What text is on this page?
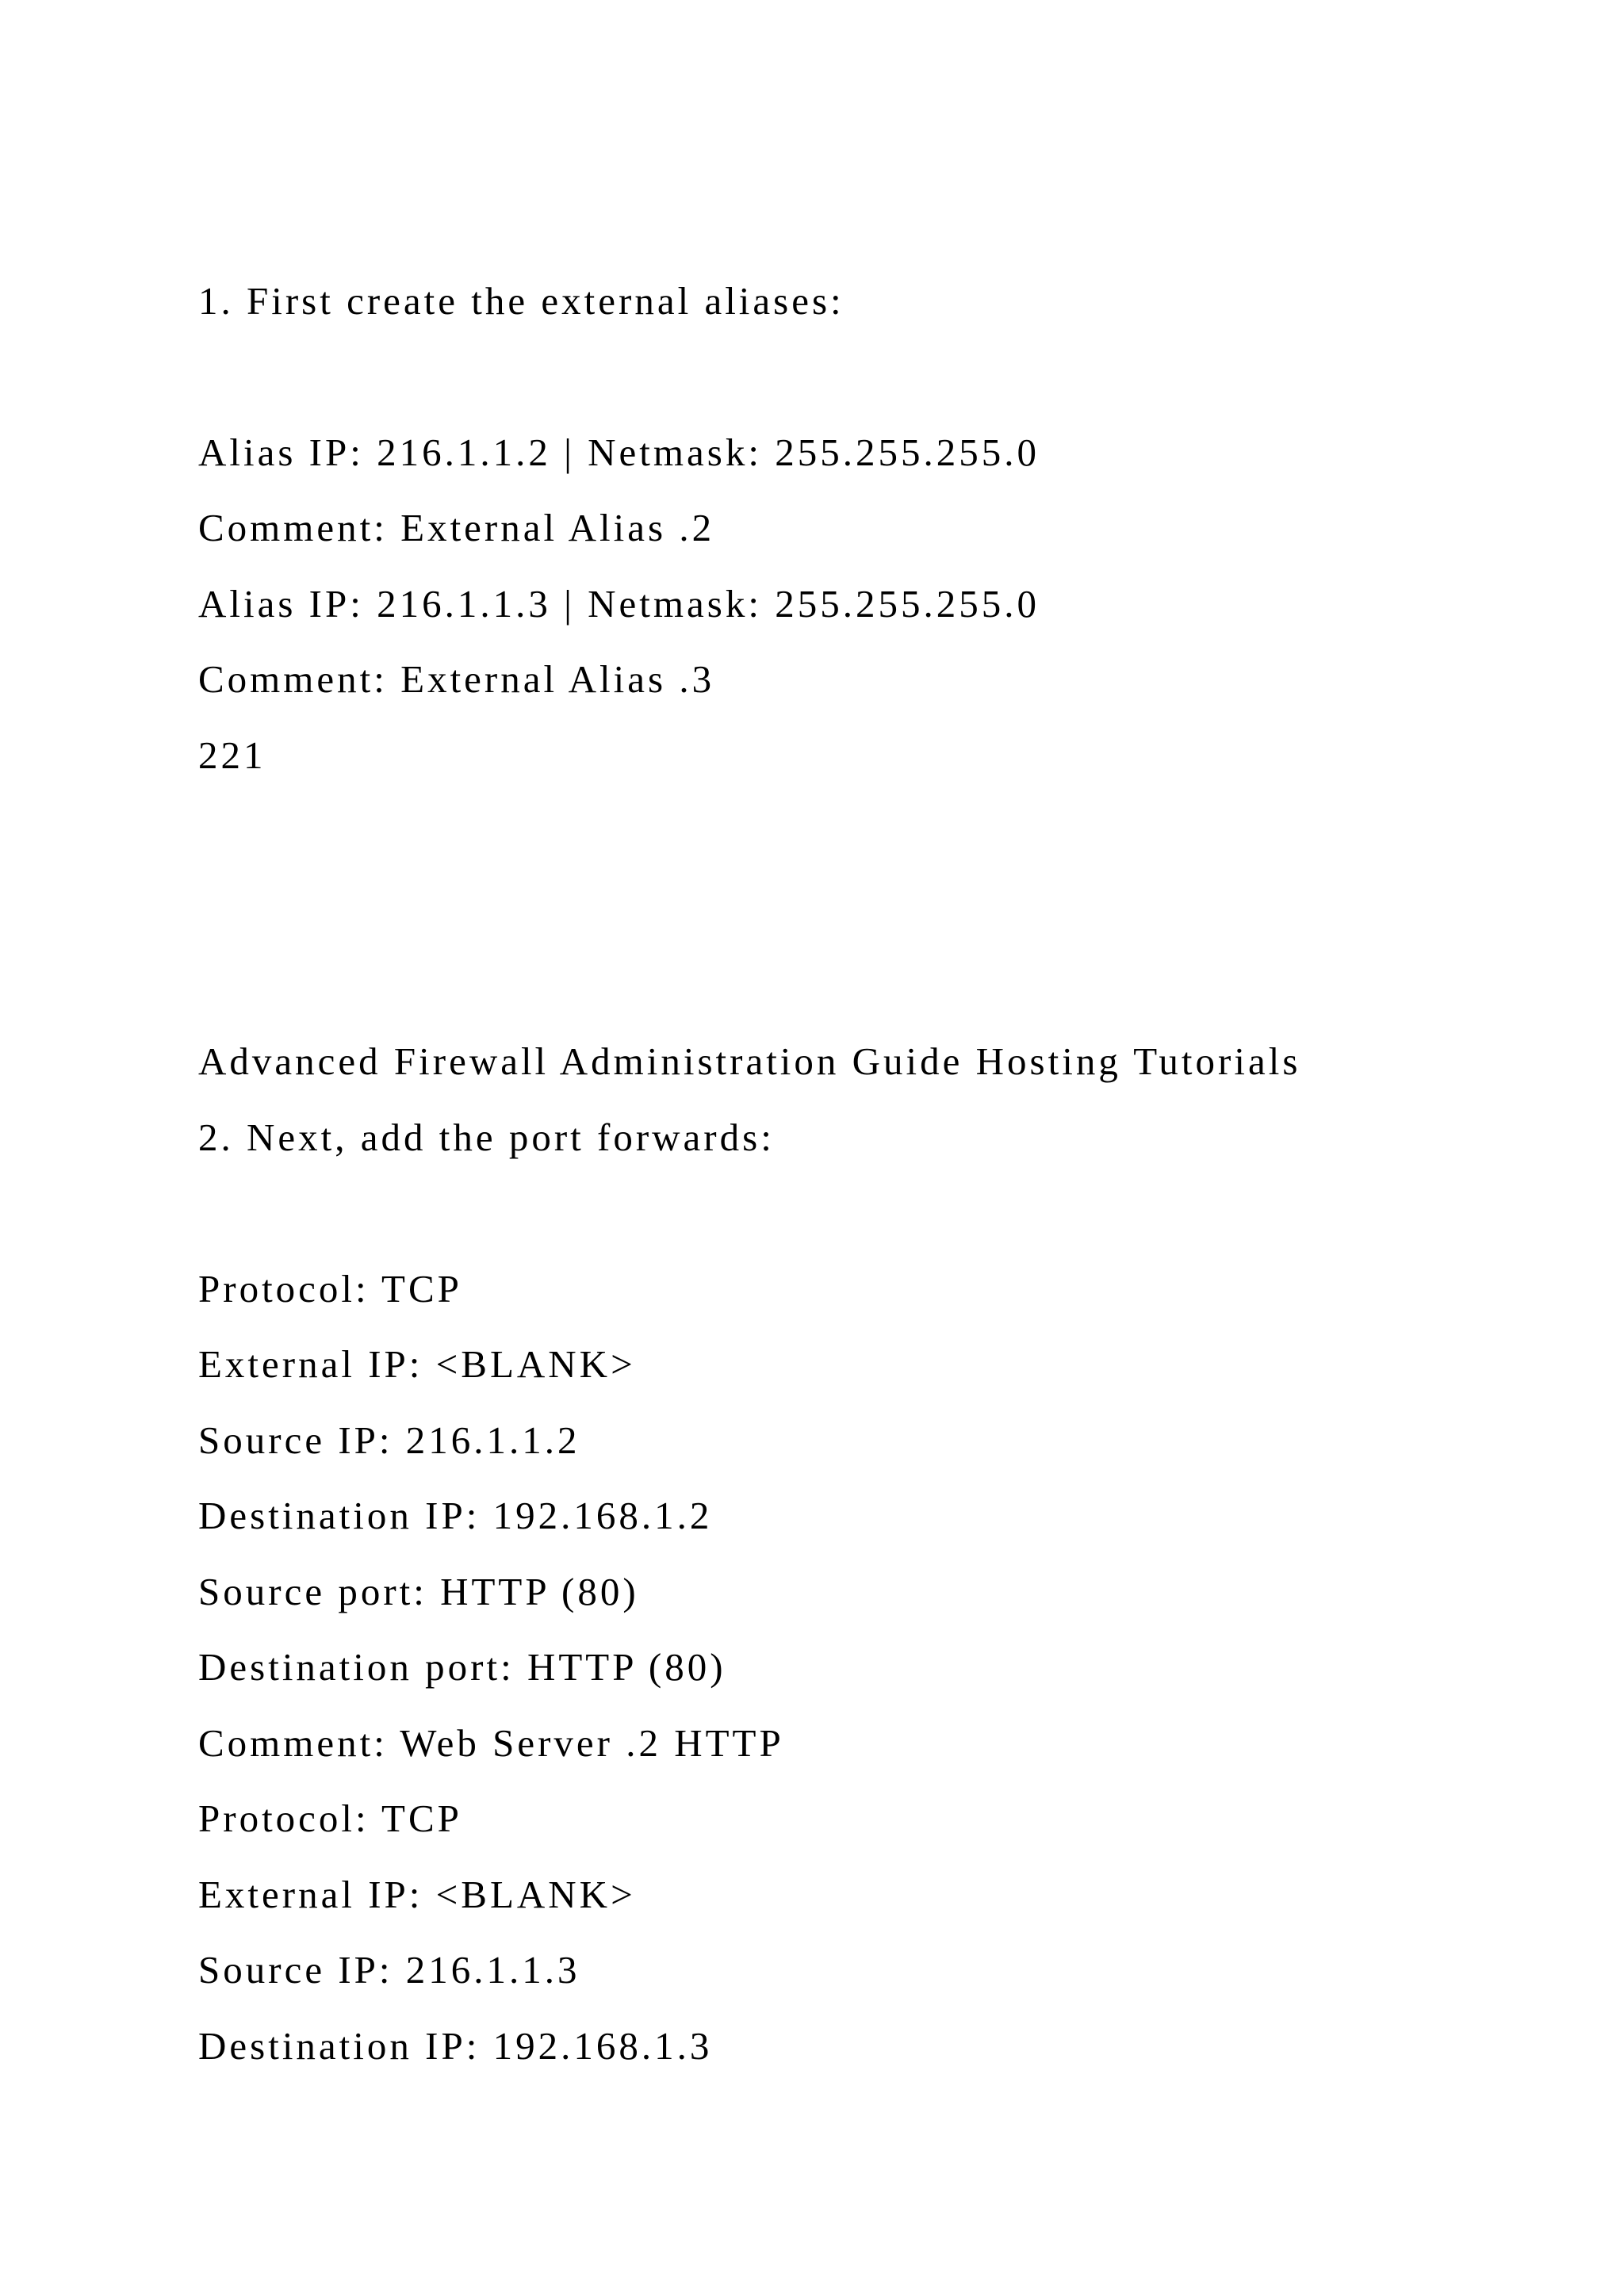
1. First create the external aliases:

Alias IP: 216.1.1.2 | Netmask: 255.255.255.0

Comment: External Alias .2

Alias IP: 216.1.1.3 | Netmask: 255.255.255.0

Comment: External Alias .3

221

Advanced Firewall Administration Guide Hosting Tutorials

2. Next, add the port forwards:

Protocol: TCP

External IP: <BLANK>

Source IP: 216.1.1.2

Destination IP: 192.168.1.2

Source port: HTTP (80)

Destination port: HTTP (80)

Comment: Web Server .2 HTTP

Protocol: TCP

External IP: <BLANK>

Source IP: 216.1.1.3

Destination IP: 192.168.1.3
